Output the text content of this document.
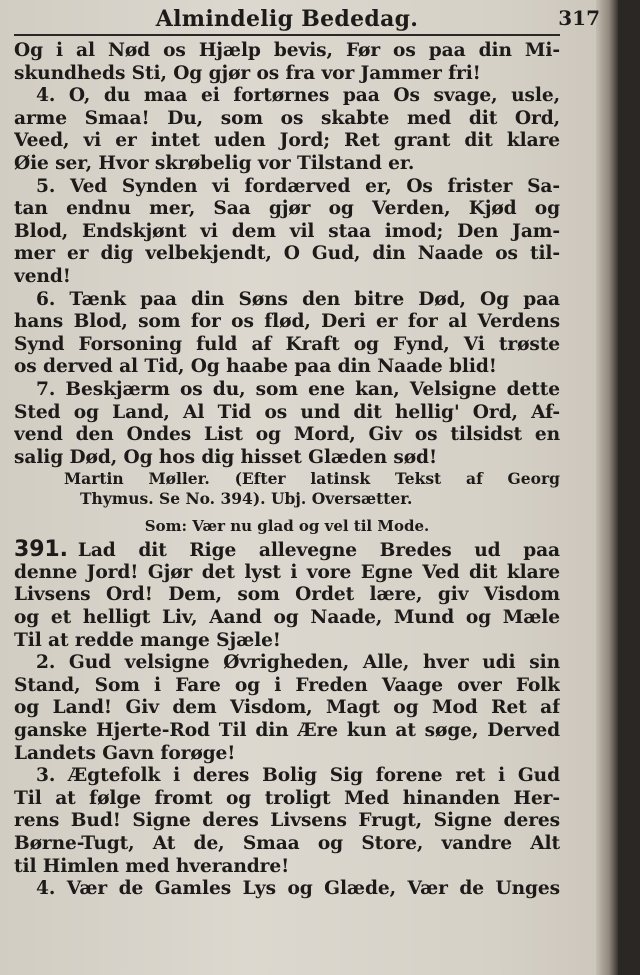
Almindelig Bededag.	317
Og i al Nød os Hjælp bevis, Før os paa din Mi-
skundheds Sti, Og gjør os fra vor Jammer fri!
4. O, du maa ei fortørnes paa Os svage, usle,
arme Smaa! Du, som os skabte med dit Ord,
Veed, vi er intet uden Jord; Ret grant dit klare
Øie ser, Hvor skrøbelig vor Tilstand er.
5. Ved Synden vi fordærved er, Os frister Sa-
tan endnu mer, Saa gjør og Verden, Kjød og
Blod, Endskjønt vi dem vil staa imod; Den Jam-
mer er dig velbekjendt, O Gud, din Naade os til-
vend!
6. Tænk paa din Søns den bitre Død, Og paa
hans Blod, som for os flød, Deri er for al Verdens
Synd Forsoning fuld af Kraft og Fynd, Vi trøste
os derved al Tid, Og haabe paa din Naade blid!
7. Beskjærm os du, som ene kan, Velsigne dette
Sted og Land, Al Tid os und dit hellig' Ord, Af-
vend den Ondes List og Mord, Giv os tilsidst en
salig Død, Og hos dig hisset Glæden sød!
Martin Møller. (Efter latinsk Tekst af Georg
Thymus. Se No. 394). Ubj. Oversætter.
Som: Vær nu glad og vel til Mode.
391. Lad dit Rige allevegne Bredes ud paa
denne Jord! Gjør det lyst i vore Egne Ved dit klare
Livsens Ord! Dem, som Ordet lære, giv Visdom
og et helligt Liv, Aand og Naade, Mund og Mæle
Til at redde mange Sjæle!
2. Gud velsigne Øvrigheden, Alle, hver udi sin
Stand, Som i Fare og i Freden Vaage over Folk
og Land! Giv dem Visdom, Magt og Mod Ret af
ganske Hjerte-Rod Til din Ære kun at søge, Derved
Landets Gavn forøge!
3. Ægtefolk i deres Bolig Sig forene ret i Gud
Til at følge fromt og troligt Med hinanden Her-
rens Bud! Signe deres Livsens Frugt, Signe deres
Børne-Tugt, At de, Smaa og Store, vandre Alt
til Himlen med hverandre!
4. Vær de Gamles Lys og Glæde, Vær de Unges
